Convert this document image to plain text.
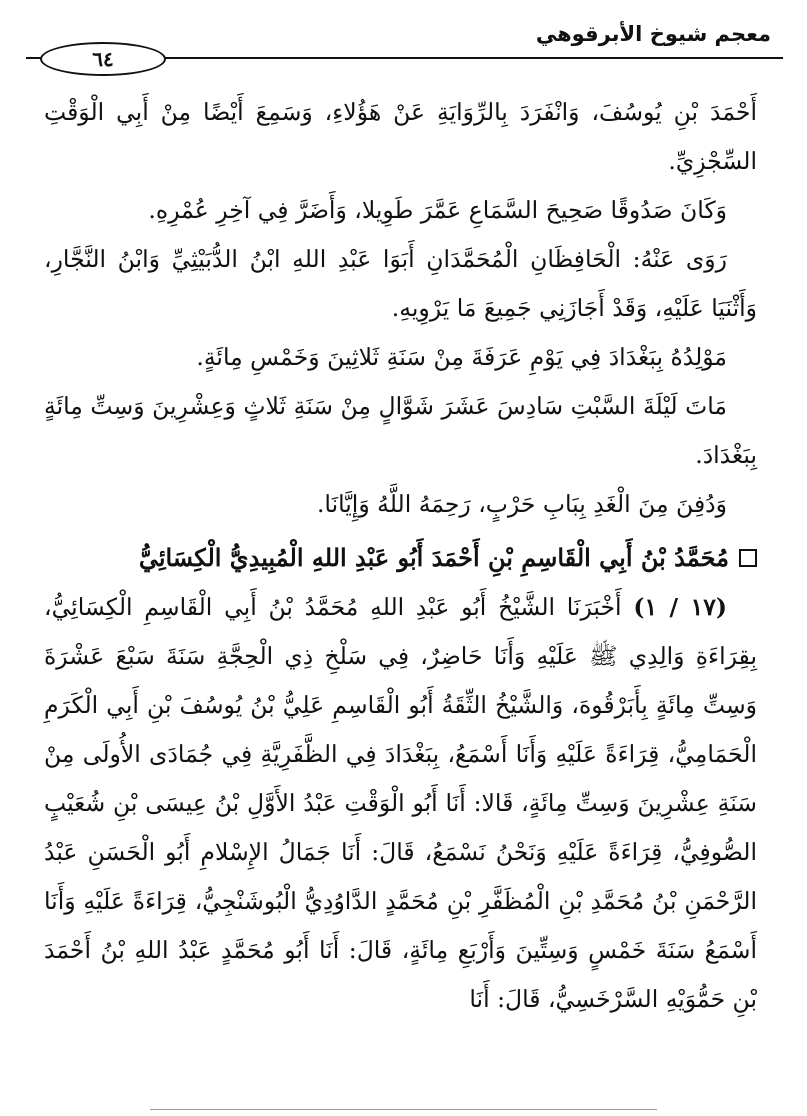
معجم شيوخ الأبرقوهي
٦٤

أَحْمَدَ بْنِ يُوسُفَ، وَانْفَرَدَ بِالرِّوَايَةِ عَنْ هَؤُلاءِ، وَسَمِعَ أَيْضًا مِنْ أَبِي الْوَقْتِ السِّجْزِيِّ.

وَكَانَ صَدُوقًا صَحِيحَ السَّمَاعِ عَمَّرَ طَوِيلا، وَأَضَرَّ فِي آخِرِ عُمْرِهِ.

رَوَى عَنْهُ: الْحَافِظَانِ الْمُحَمَّدَانِ أَبَوَا عَبْدِ اللهِ ابْنُ الدُّبَيْثِيِّ وَابْنُ النَّجَّارِ، وَأَثْنَيَا عَلَيْهِ، وَقَدْ أَجَازَنِي جَمِيعَ مَا يَرْوِيهِ.

مَوْلِدُهُ بِبَغْدَادَ فِي يَوْمِ عَرَفَةَ مِنْ سَنَةِ ثَلاثِينَ وَخَمْسِ مِائَةٍ.

مَاتَ لَيْلَةَ السَّبْتِ سَادِسَ عَشَرَ شَوَّالٍ مِنْ سَنَةِ ثَلاثٍ وَعِشْرِينَ وَسِتِّ مِائَةٍ بِبَغْدَادَ.

وَدُفِنَ مِنَ الْغَدِ بِبَابِ حَرْبٍ، رَحِمَهُ اللَّهُ وَإِيَّانَا.

مُحَمَّدُ بْنُ أَبِي الْقَاسِمِ بْنِ أَحْمَدَ أَبُو عَبْدِ اللهِ الْمُبِيدِيُّ الْكِسَائِيُّ

(١٧ / ١) أَخْبَرَنَا الشَّيْخُ أَبُو عَبْدِ اللهِ مُحَمَّدُ بْنُ أَبِي الْقَاسِمِ الْكِسَائِيُّ، بِقِرَاءَةِ وَالِدِي ﷺ عَلَيْهِ وَأَنَا حَاضِرٌ، فِي سَلْخِ ذِي الْحِجَّةِ سَنَةَ سَبْعَ عَشْرَةَ وَسِتِّ مِائَةٍ بِأَبَرْقُوهَ، وَالشَّيْخُ الثِّقَةُ أَبُو الْقَاسِمِ عَلِيُّ بْنُ يُوسُفَ بْنِ أَبِي الْكَرَمِ الْحَمَامِيُّ، قِرَاءَةً عَلَيْهِ وَأَنَا أَسْمَعُ، بِبَغْدَادَ فِي الظَّفَرِيَّةِ فِي جُمَادَى الأُولَى مِنْ سَنَةِ عِشْرِينَ وَسِتِّ مِائَةٍ، قَالا: أَنَا أَبُو الْوَقْتِ عَبْدُ الأَوَّلِ بْنُ عِيسَى بْنِ شُعَيْبٍ الصُّوفِيُّ، قِرَاءَةً عَلَيْهِ وَنَحْنُ نَسْمَعُ، قَالَ: أَنَا جَمَالُ الإِسْلامِ أَبُو الْحَسَنِ عَبْدُ الرَّحْمَنِ بْنُ مُحَمَّدِ بْنِ الْمُظَفَّرِ بْنِ مُحَمَّدٍ الدَّاوُدِيُّ الْبُوشَنْجِيُّ، قِرَاءَةً عَلَيْهِ وَأَنَا أَسْمَعُ سَنَةَ خَمْسٍ وَسِتِّينَ وَأَرْبَعِ مِائَةٍ، قَالَ: أَنَا أَبُو مُحَمَّدٍ عَبْدُ اللهِ بْنُ أَحْمَدَ بْنِ حَمُّوَيْهِ السَّرْخَسِيُّ، قَالَ: أَنَا
